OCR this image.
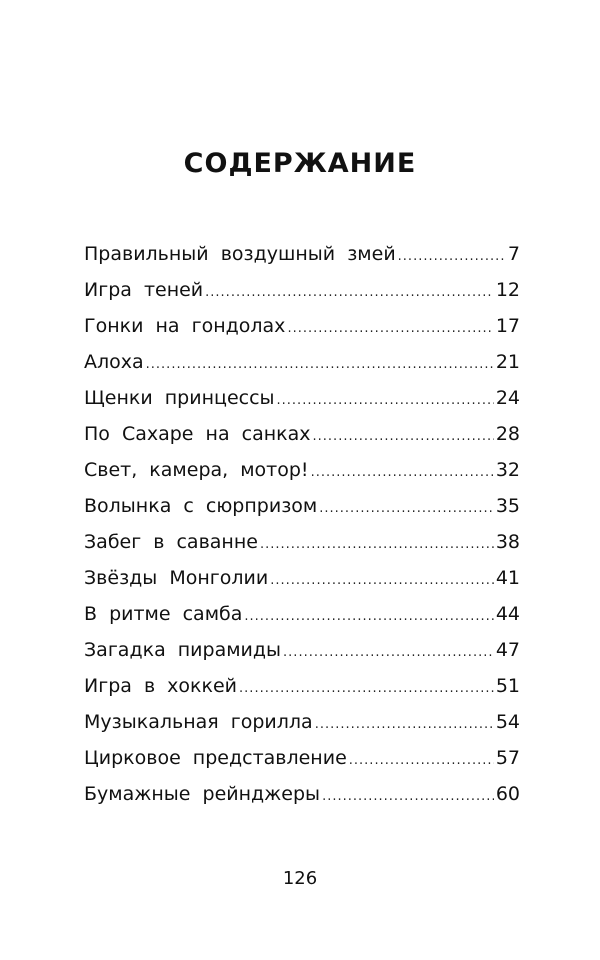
СОДЕРЖАНИЕ
Правильный воздушный змей .....	7
Игра теней .....	12
Гонки на гондолах .....	17
Алоха .....	21
Щенки принцессы .....	24
По Сахаре на санках .....	28
Свет, камера, мотор! .....	32
Волынка с сюрпризом .....	35
Забег в саванне .....	38
Звёзды Монголии .....	41
В ритме самба .....	44
Загадка пирамиды .....	47
Игра в хоккей .....	51
Музыкальная горилла .....	54
Цирковое представление .....	57
Бумажные рейнджеры .....	60
126
